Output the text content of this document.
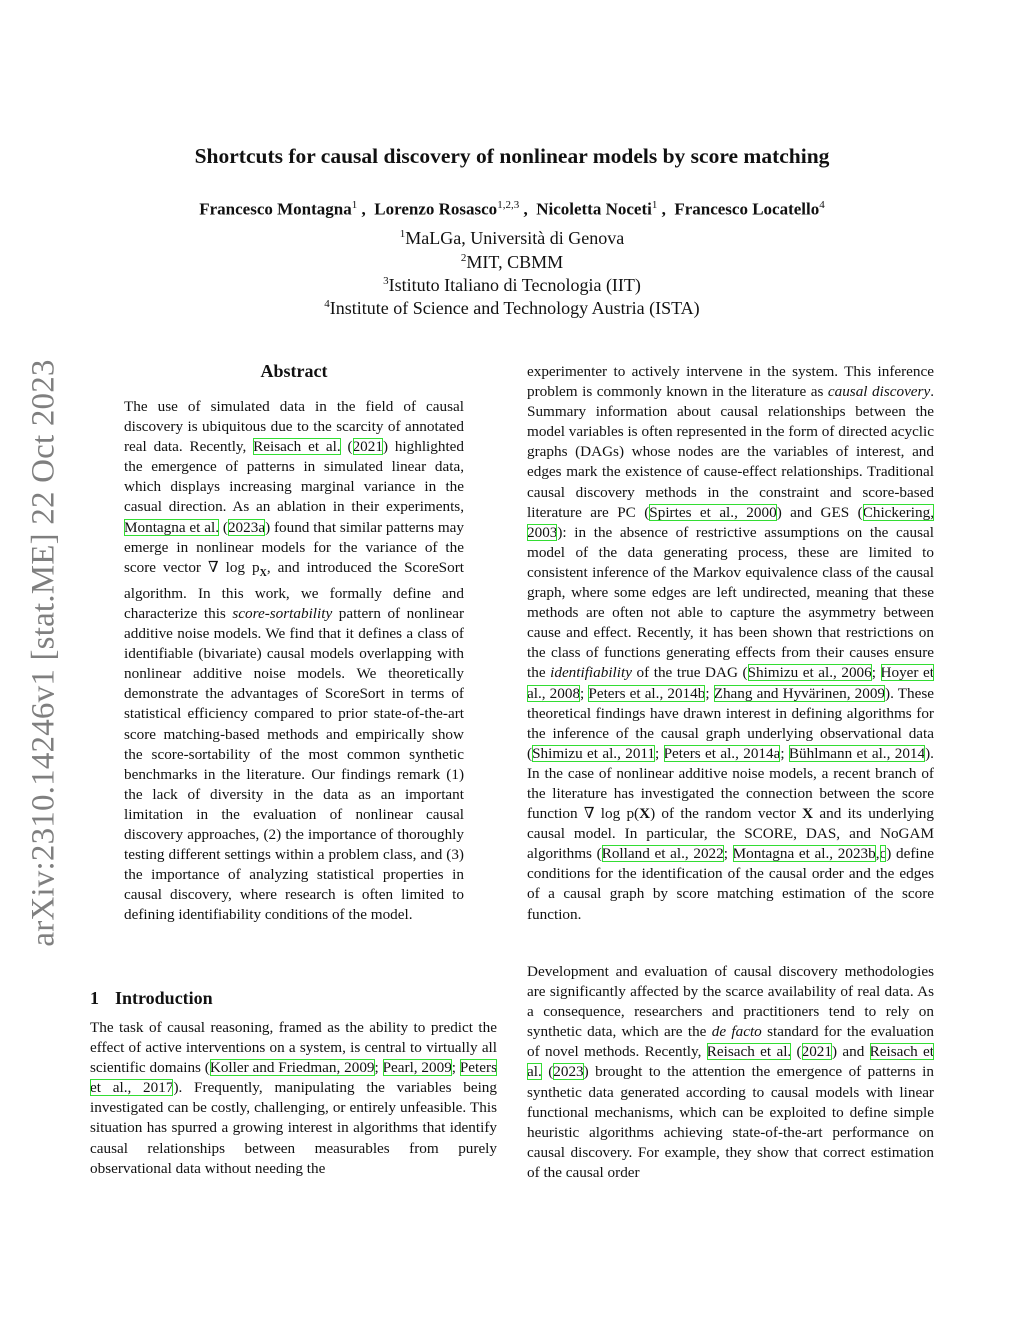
arXiv:2310.14246v1 [stat.ME] 22 Oct 2023
Shortcuts for causal discovery of nonlinear models by score matching
Francesco Montagna$^1$ ,  Lorenzo Rosasco$^{1,2,3}$ ,  Nicoletta Noceti$^1$ ,  Francesco Locatello$^4$
$^1$MaLGa, Università di Genova
$^2$MIT, CBMM
$^3$Istituto Italiano di Tecnologia (IIT)
$^4$Institute of Science and Technology Austria (ISTA)
Abstract

The use of simulated data in the field of causal discovery is ubiquitous due to the scarcity of annotated real data. Recently, Reisach et al. (2021) highlighted the emergence of patterns in simulated linear data, which displays increasing marginal variance in the casual direction. As an ablation in their experiments, Montagna et al. (2023a) found that similar patterns may emerge in nonlinear models for the variance of the score vector ∇ $\log p_X$, and introduced the ScoreSort algorithm. In this work, we formally define and characterize this score-sortability pattern of nonlinear additive noise models. We find that it defines a class of identifiable (bivariate) causal models overlapping with nonlinear additive noise models. We theoretically demonstrate the advantages of ScoreSort in terms of statistical efficiency compared to prior state-of-the-art score matching-based methods and empirically show the score-sortability of the most common synthetic benchmarks in the literature. Our findings remark (1) the lack of diversity in the data as an important limitation in the evaluation of nonlinear causal discovery approaches, (2) the importance of thoroughly testing different settings within a problem class, and (3) the importance of analyzing statistical properties in causal discovery, where research is often limited to defining identifiability conditions of the model.

1 Introduction

The task of causal reasoning, framed as the ability to predict the effect of active interventions on a system, is central to virtually all scientific domains (Koller and Friedman, 2009; Pearl, 2009; Peters et al., 2017). Frequently, manipulating the variables being investigated can be costly, challenging, or entirely unfeasible. This situation has spurred a growing interest in algorithms that identify causal relationships between measurables from purely observational data without needing the

experimenter to actively intervene in the system. This inference problem is commonly known in the literature as causal discovery. Summary information about causal relationships between the model variables is often represented in the form of directed acyclic graphs (DAGs) whose nodes are the variables of interest, and edges mark the existence of cause-effect relationships. Traditional causal discovery methods in the constraint and score-based literature are PC (Spirtes et al., 2000) and GES (Chickering, 2003): in the absence of restrictive assumptions on the causal model of the data generating process, these are limited to consistent inference of the Markov equivalence class of the causal graph, where some edges are left undirected, meaning that these methods are often not able to capture the asymmetry between cause and effect. Recently, it has been shown that restrictions on the class of functions generating effects from their causes ensure the identifiability of the true DAG (Shimizu et al., 2006; Hoyer et al., 2008; Peters et al., 2014b; Zhang and Hyvärinen, 2009). These theoretical findings have drawn interest in defining algorithms for the inference of the causal graph underlying observational data (Shimizu et al., 2011; Peters et al., 2014a; Bühlmann et al., 2014). In the case of nonlinear additive noise models, a recent branch of the literature has investigated the connection between the score function ∇ log p(X) of the random vector X and its underlying causal model. In particular, the SCORE, DAS, and NoGAM algorithms (Rolland et al., 2022; Montagna et al., 2023b,c) define conditions for the identification of the causal order and the edges of a causal graph by score matching estimation of the score function.

Development and evaluation of causal discovery methodologies are significantly affected by the scarce availability of real data. As a consequence, researchers and practitioners tend to rely on synthetic data, which are the de facto standard for the evaluation of novel methods. Recently, Reisach et al. (2021) and Reisach et al. (2023) brought to the attention the emergence of patterns in synthetic data generated according to causal models with linear functional mechanisms, which can be exploited to define simple heuristic algorithms achieving state-of-the-art performance on causal discovery. For example, they show that correct estimation of the causal order
